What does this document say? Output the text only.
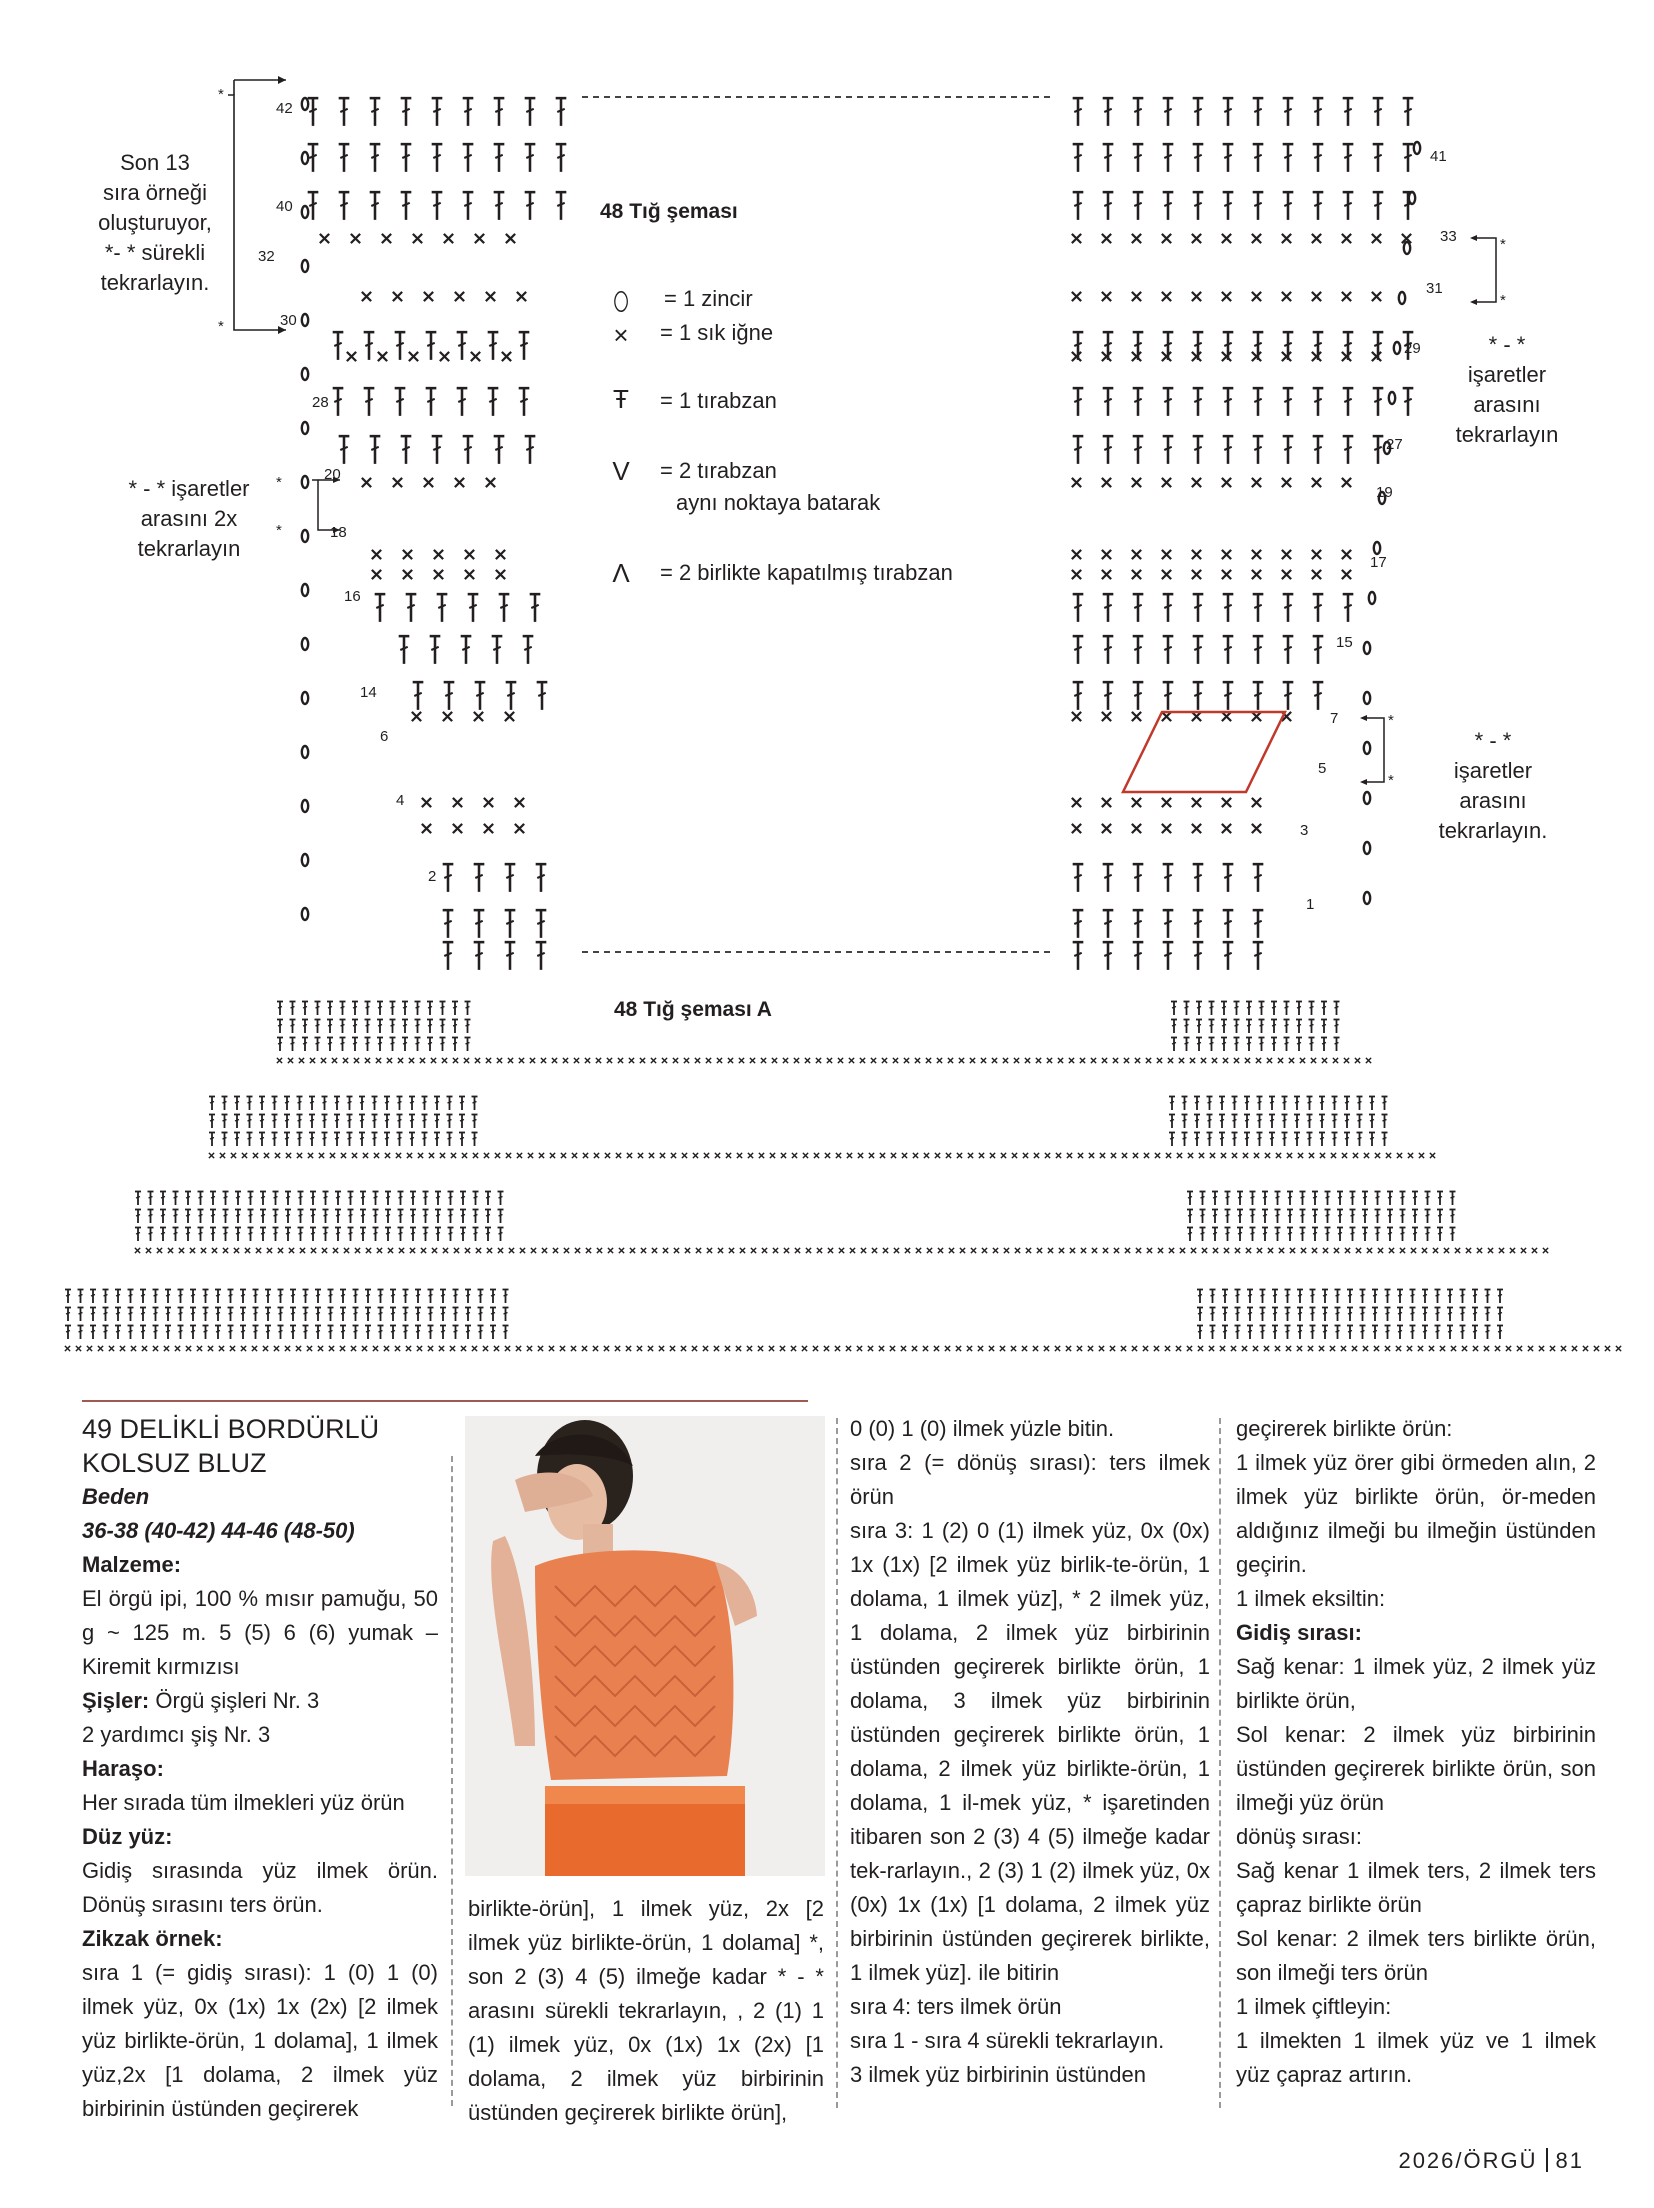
*
*
*
*
*
*
*
*
42
40
32
30
28
20
18
16
14
6
4
2
41
33
31
29
27
19
17
15
7
5
3
1
Son 13
sıra örneği
oluşturuyor,
*- * sürekli
tekrarlayın.
* - * işaretler
arasını 2x
tekrarlayın
* - *
işaretler
arasını
tekrarlayın
* - *
işaretler
arasını
tekrarlayın.
48 Tığ şeması
⬯	= 1 zincir
×	= 1 sık iğne
Ŧ	= 1 tırabzan
V = 2 tırabzan
aynı noktaya batarak
Ʌ = 2 birlikte kapatılmış tırabzan
48 Tığ şeması A

49 DELİKLİ BORDÜRLÜ

KOLSUZ BLUZ

Beden

36-38 (40-42) 44-46 (48-50)

Malzeme:

El örgü ipi, 100 % mısır pamuğu, 50 g ~ 125 m. 5 (5) 6 (6) yumak – Kiremit kırmızısı

Şişler: Örgü şişleri Nr. 3

2 yardımcı şiş Nr. 3

Haraşo:

Her sırada tüm ilmekleri yüz örün

Düz yüz:

Gidiş sırasında yüz ilmek örün. Dönüş sırasını ters örün.

Zikzak örnek:

sıra 1 (= gidiş sırası): 1 (0) 1 (0) ilmek yüz, 0x (1x) 1x (2x) [2 ilmek yüz birlikte-örün, 1 dolama], 1 ilmek yüz,2x [1 dolama, 2 ilmek yüz birbirinin üstünden geçirerek

birlikte-örün], 1 ilmek yüz, 2x [2 ilmek yüz birlikte-örün, 1 dolama] *, son 2 (3) 4 (5) ilmeğe kadar * - * arasını sürekli tekrarlayın, , 2 (1) 1 (1) ilmek yüz, 0x (1x) 1x (2x) [1 dolama, 2 ilmek yüz birbirinin üstünden geçirerek birlikte örün],

0 (0) 1 (0) ilmek yüzle bitin.

sıra 2 (= dönüş sırası): ters ilmek örün

sıra 3: 1 (2) 0 (1) ilmek yüz, 0x (0x) 1x (1x) [2 ilmek yüz birlik-te-örün, 1 dolama, 1 ilmek yüz], * 2 ilmek yüz, 1 dolama, 2 ilmek yüz birbirinin üstünden geçirerek birlikte örün, 1 dolama, 3 ilmek yüz birbirinin üstünden geçirerek birlikte örün, 1 dolama, 2 ilmek yüz birlikte-örün, 1 dolama, 1 il-mek yüz, * işaretinden itibaren son 2 (3) 4 (5) ilmeğe kadar tek-rarlayın., 2 (3) 1 (2) ilmek yüz, 0x (0x) 1x (1x) [1 dolama, 2 ilmek yüz birbirinin üstünden geçirerek birlikte, 1 ilmek yüz]. ile bitirin

sıra 4: ters ilmek örün

sıra 1 - sıra 4 sürekli tekrarlayın.

3 ilmek yüz birbirinin üstünden

geçirerek birlikte örün:

1 ilmek yüz örer gibi örmeden alın, 2 ilmek yüz birlikte örün, ör-meden aldığınız ilmeği bu ilmeğin üstünden geçirin.

1 ilmek eksiltin:

Gidiş sırası:

Sağ kenar: 1 ilmek yüz, 2 ilmek yüz birlikte örün,

Sol kenar: 2 ilmek yüz birbirinin üstünden geçirerek birlikte örün, son ilmeği yüz örün

dönüş sırası:

Sağ kenar 1 ilmek ters, 2 ilmek ters çapraz birlikte örün

Sol kenar: 2 ilmek ters birlikte örün, son ilmeği ters örün

1 ilmek çiftleyin:

1 ilmekten 1 ilmek yüz ve 1 ilmek yüz çapraz artırın.

2026/ÖRGÜ 81
